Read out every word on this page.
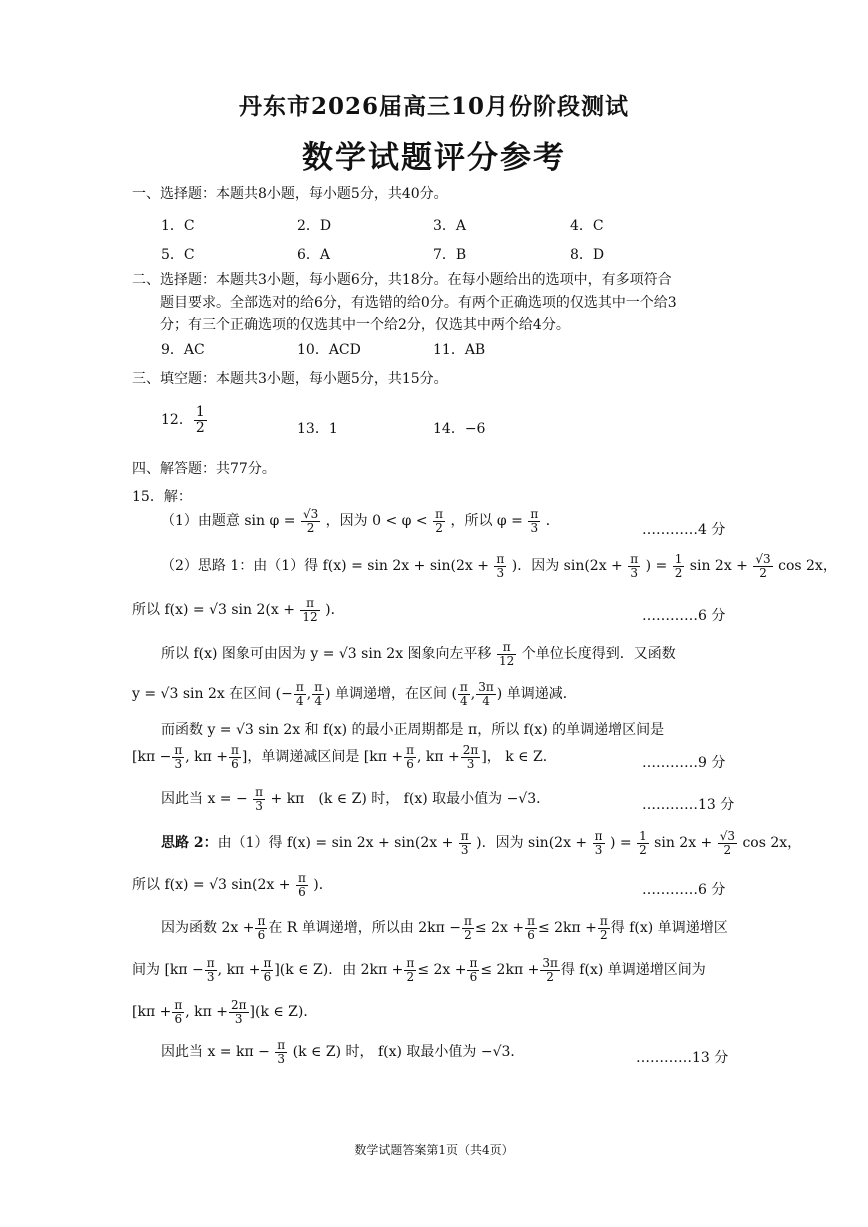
丹东市2026届高三10月份阶段测试
数学试题评分参考
一、选择题：本题共8小题，每小题5分，共40分。
1．C	2．D	3．A	4．C
5．C	6．A	7．B	8．D
二、选择题：本题共3小题，每小题6分，共18分。在每小题给出的选项中，有多项符合
题目要求。全部选对的给6分，有选错的给0分。有两个正确选项的仅选其中一个给3
分；有三个正确选项的仅选其中一个给2分，仅选其中两个给4分。
9．AC	10．ACD	11．AB
三、填空题：本题共3小题，每小题5分，共15分。
12． $\frac{1}{2}$	13．1	14．−6
四、解答题：共77分。
15．解：
（1）由题意 $\sin \varphi = \frac{√3}{2}$ ，因为 $0 < \varphi < \frac{\pi}{2}$ ，所以 $\varphi = \frac{\pi}{3}$ ．
…………4 分
（2）思路 1：由（1）得 $f(x) = \sin 2x + \sin(2x + \frac{\pi}{3}$ )．因为 $\sin(2x + \frac{\pi}{3}$ ) = $\frac{1}{2}$ $\sin 2x + \frac{√3}{2}$ cos 2x，
所以 f(x) = √3 $\sin 2(x + \frac{\pi}{12}$ )．	…………6 分
所以 f(x) 图象可由因为 y = √3 sin 2x 图象向左平移 $\frac{\pi}{12}$ 个单位长度得到．又函数
y = √3 sin 2x 在区间 (− $\frac{\pi}{4}$ , $\frac{\pi}{4}$ ) 单调递增，在区间 ( $\frac{\pi}{4}$ , $\frac{3\pi}{4}$ ) 单调递减．
而函数 y = √3 sin 2x 和 f(x) 的最小正周期都是 π，所以 f(x) 的单调递增区间是
[$k\pi - \frac{\pi}{3}$ , $k\pi + \frac{\pi}{6}$ ]，单调递减区间是 [$k\pi + \frac{\pi}{6}$ , $k\pi + \frac{2\pi}{3}$ ]， k ∈ Z．	…………9 分
因此当 x = − $\frac{\pi}{3} + k\pi$　(k ∈ Z) 时， f(x) 取最小值为 −√3．	…………13 分
思路 2：由（1）得 $f(x) = \sin 2x + \sin(2x + \frac{\pi}{3}$ )．因为 $\sin(2x + \frac{\pi}{3}$ ) = $\frac{1}{2}$ $\sin 2x + \frac{√3}{2}$ cos 2x，
所以 f(x) = √3 $\sin(2x + \frac{\pi}{6}$ )．	…………6 分
因为函数 $2x + \frac{\pi}{6}$ 在 R 单调递增，所以由 $2k\pi - \frac{\pi}{2} \le 2x + \frac{\pi}{6} \le 2k\pi + \frac{\pi}{2}$ 得 f(x) 单调递增区
间为 [$k\pi - \frac{\pi}{3}$ , $k\pi + \frac{\pi}{6} ](k$ ∈ Z)．由 $2k\pi + \frac{\pi}{2} \le 2x + \frac{\pi}{6} \le 2k\pi + \frac{3\pi}{2}$ 得 f(x) 单调递增区间为
[$k\pi + \frac{\pi}{6}$ , $k\pi + \frac{2\pi}{3} ](k$ ∈ Z)．
因此当 $x = k\pi - \frac{\pi}{3} (k$ ∈ Z) 时， f(x) 取最小值为 −√3．	…………13 分
数学试题答案第1页（共4页）
